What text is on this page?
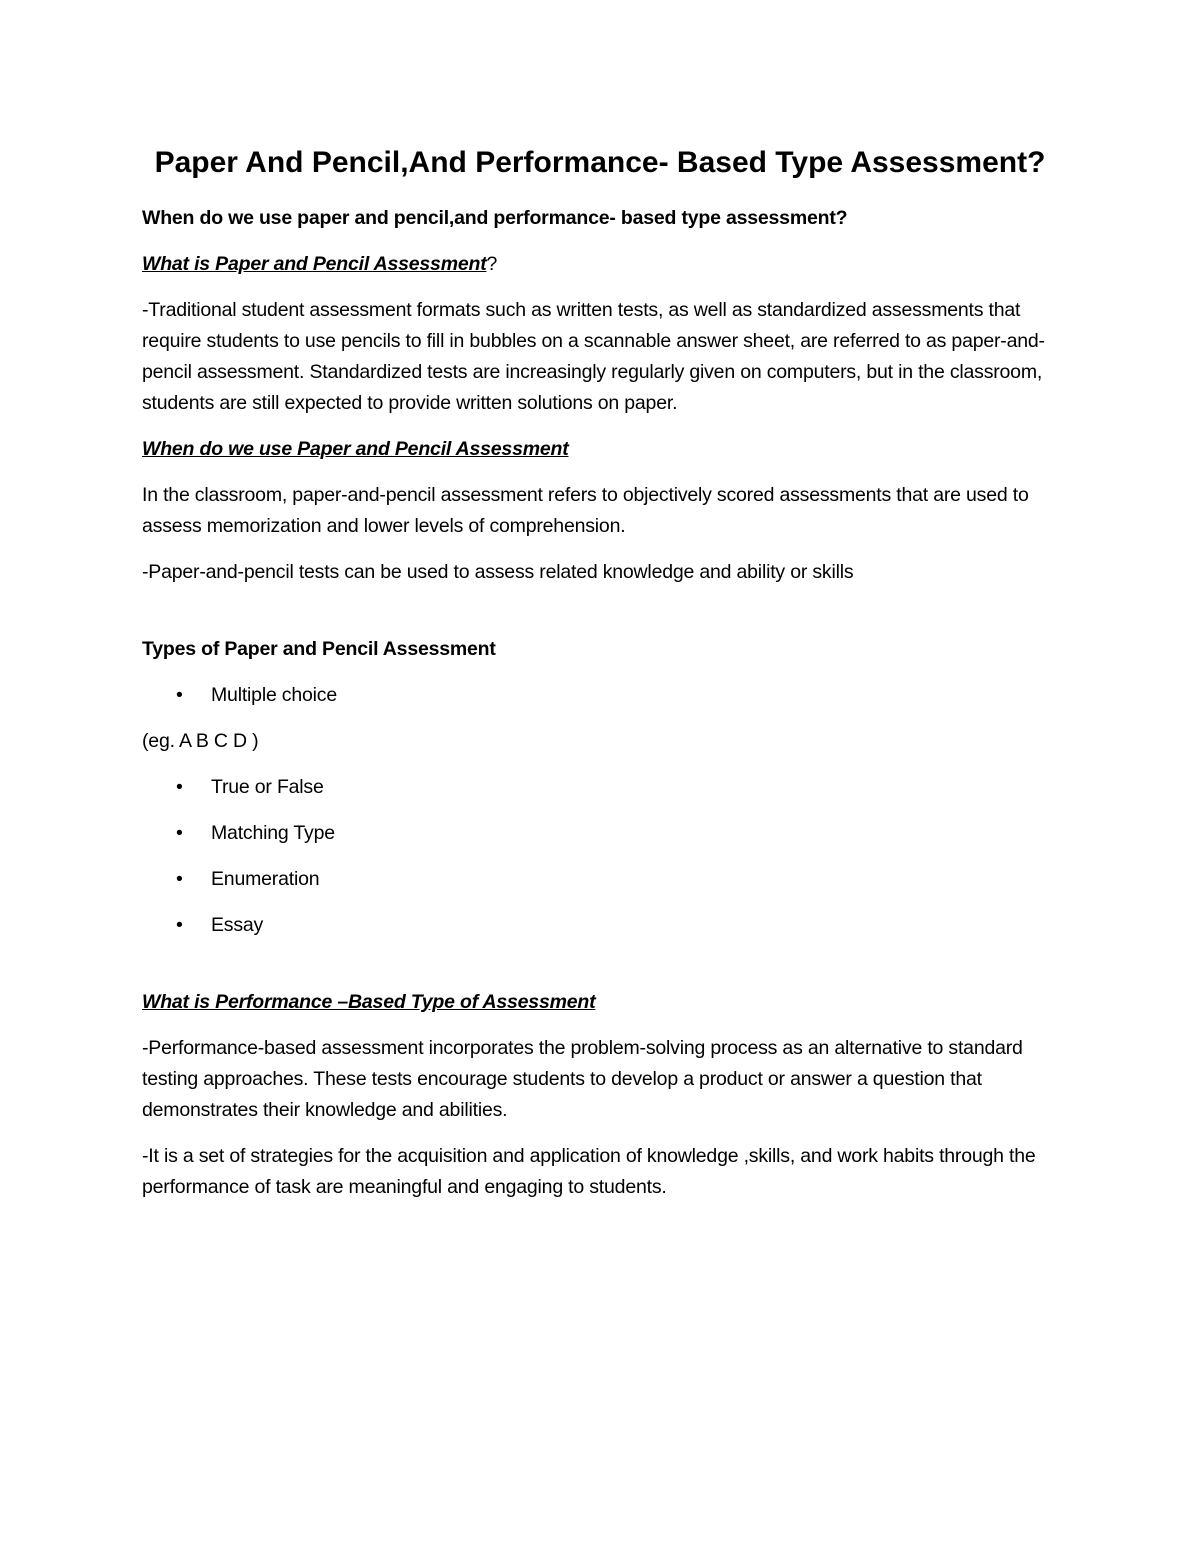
Paper And Pencil,And Performance- Based Type Assessment?

When do we use paper and pencil,and performance- based type assessment?

What is Paper and Pencil Assessment?

-Traditional student assessment formats such as written tests, as well as standardized assessments that require students to use pencils to fill in bubbles on a scannable answer sheet, are referred to as paper-and-pencil assessment. Standardized tests are increasingly regularly given on computers, but in the classroom, students are still expected to provide written solutions on paper.

When do we use Paper and Pencil Assessment

In the classroom, paper-and-pencil assessment refers to objectively scored assessments that are used to assess memorization and lower levels of comprehension.

-Paper-and-pencil tests can be used to assess related knowledge and ability or skills

Types of Paper and Pencil Assessment

• Multiple choice

(eg. A B C D )

• True or False
• Matching Type
• Enumeration
• Essay

What is Performance –Based Type of Assessment

-Performance-based assessment incorporates the problem-solving process as an alternative to standard testing approaches. These tests encourage students to develop a product or answer a question that demonstrates their knowledge and abilities.

-It is a set of strategies for the acquisition and application of knowledge ,skills, and work habits through the performance of task are meaningful and engaging to students.
